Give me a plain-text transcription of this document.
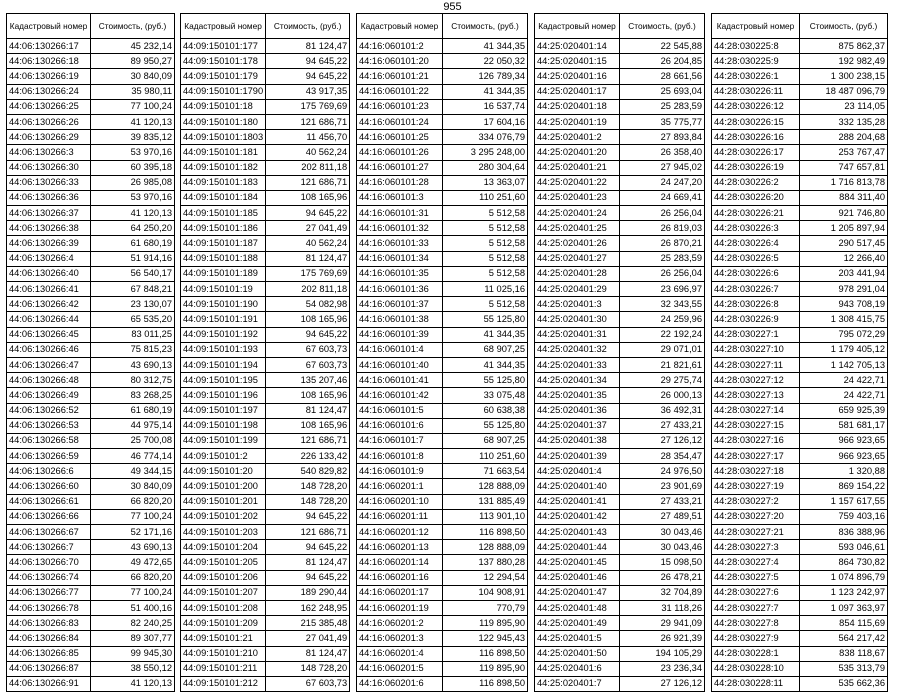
955
Кадастровый номер	Стоимость, (руб.)
44:06:130266:17	45 232,14
44:06:130266:18	89 950,27
44:06:130266:19	30 840,09
44:06:130266:24	35 980,11
44:06:130266:25	77 100,24
44:06:130266:26	41 120,13
44:06:130266:29	39 835,12
44:06:130266:3	53 970,16
44:06:130266:30	60 395,18
44:06:130266:33	26 985,08
44:06:130266:36	53 970,16
44:06:130266:37	41 120,13
44:06:130266:38	64 250,20
44:06:130266:39	61 680,19
44:06:130266:4	51 914,16
44:06:130266:40	56 540,17
44:06:130266:41	67 848,21
44:06:130266:42	23 130,07
44:06:130266:44	65 535,20
44:06:130266:45	83 011,25
44:06:130266:46	75 815,23
44:06:130266:47	43 690,13
44:06:130266:48	80 312,75
44:06:130266:49	83 268,25
44:06:130266:52	61 680,19
44:06:130266:53	44 975,14
44:06:130266:58	25 700,08
44:06:130266:59	46 774,14
44:06:130266:6	49 344,15
44:06:130266:60	30 840,09
44:06:130266:61	66 820,20
44:06:130266:66	77 100,24
44:06:130266:67	52 171,16
44:06:130266:7	43 690,13
44:06:130266:70	49 472,65
44:06:130266:74	66 820,20
44:06:130266:77	77 100,24
44:06:130266:78	51 400,16
44:06:130266:83	82 240,25
44:06:130266:84	89 307,77
44:06:130266:85	99 945,30
44:06:130266:87	38 550,12
44:06:130266:91	41 120,13
Кадастровый номер	Стоимость, (руб.)
44:09:150101:177	81 124,47
44:09:150101:178	94 645,22
44:09:150101:179	94 645,22
44:09:150101:1790	43 917,35
44:09:150101:18	175 769,69
44:09:150101:180	121 686,71
44:09:150101:1803	11 456,70
44:09:150101:181	40 562,24
44:09:150101:182	202 811,18
44:09:150101:183	121 686,71
44:09:150101:184	108 165,96
44:09:150101:185	94 645,22
44:09:150101:186	27 041,49
44:09:150101:187	40 562,24
44:09:150101:188	81 124,47
44:09:150101:189	175 769,69
44:09:150101:19	202 811,18
44:09:150101:190	54 082,98
44:09:150101:191	108 165,96
44:09:150101:192	94 645,22
44:09:150101:193	67 603,73
44:09:150101:194	67 603,73
44:09:150101:195	135 207,46
44:09:150101:196	108 165,96
44:09:150101:197	81 124,47
44:09:150101:198	108 165,96
44:09:150101:199	121 686,71
44:09:150101:2	226 133,42
44:09:150101:20	540 829,82
44:09:150101:200	148 728,20
44:09:150101:201	148 728,20
44:09:150101:202	94 645,22
44:09:150101:203	121 686,71
44:09:150101:204	94 645,22
44:09:150101:205	81 124,47
44:09:150101:206	94 645,22
44:09:150101:207	189 290,44
44:09:150101:208	162 248,95
44:09:150101:209	215 385,48
44:09:150101:21	27 041,49
44:09:150101:210	81 124,47
44:09:150101:211	148 728,20
44:09:150101:212	67 603,73
Кадастровый номер	Стоимость, (руб.)
44:16:060101:2	41 344,35
44:16:060101:20	22 050,32
44:16:060101:21	126 789,34
44:16:060101:22	41 344,35
44:16:060101:23	16 537,74
44:16:060101:24	17 604,16
44:16:060101:25	334 076,79
44:16:060101:26	3 295 248,00
44:16:060101:27	280 304,64
44:16:060101:28	13 363,07
44:16:060101:3	110 251,60
44:16:060101:31	5 512,58
44:16:060101:32	5 512,58
44:16:060101:33	5 512,58
44:16:060101:34	5 512,58
44:16:060101:35	5 512,58
44:16:060101:36	11 025,16
44:16:060101:37	5 512,58
44:16:060101:38	55 125,80
44:16:060101:39	41 344,35
44:16:060101:4	68 907,25
44:16:060101:40	41 344,35
44:16:060101:41	55 125,80
44:16:060101:42	33 075,48
44:16:060101:5	60 638,38
44:16:060101:6	55 125,80
44:16:060101:7	68 907,25
44:16:060101:8	110 251,60
44:16:060101:9	71 663,54
44:16:060201:1	128 888,09
44:16:060201:10	131 885,49
44:16:060201:11	113 901,10
44:16:060201:12	116 898,50
44:16:060201:13	128 888,09
44:16:060201:14	137 880,28
44:16:060201:16	12 294,54
44:16:060201:17	104 908,91
44:16:060201:19	770,79
44:16:060201:2	119 895,90
44:16:060201:3	122 945,43
44:16:060201:4	116 898,50
44:16:060201:5	119 895,90
44:16:060201:6	116 898,50
Кадастровый номер	Стоимость, (руб.)
44:25:020401:14	22 545,88
44:25:020401:15	26 204,85
44:25:020401:16	28 661,56
44:25:020401:17	25 693,04
44:25:020401:18	25 283,59
44:25:020401:19	35 775,77
44:25:020401:2	27 893,84
44:25:020401:20	26 358,40
44:25:020401:21	27 945,02
44:25:020401:22	24 247,20
44:25:020401:23	24 669,41
44:25:020401:24	26 256,04
44:25:020401:25	26 819,03
44:25:020401:26	26 870,21
44:25:020401:27	25 283,59
44:25:020401:28	26 256,04
44:25:020401:29	23 696,97
44:25:020401:3	32 343,55
44:25:020401:30	24 259,96
44:25:020401:31	22 192,24
44:25:020401:32	29 071,01
44:25:020401:33	21 821,61
44:25:020401:34	29 275,74
44:25:020401:35	26 000,13
44:25:020401:36	36 492,31
44:25:020401:37	27 433,21
44:25:020401:38	27 126,12
44:25:020401:39	28 354,47
44:25:020401:4	24 976,50
44:25:020401:40	23 901,69
44:25:020401:41	27 433,21
44:25:020401:42	27 489,51
44:25:020401:43	30 043,46
44:25:020401:44	30 043,46
44:25:020401:45	15 098,50
44:25:020401:46	26 478,21
44:25:020401:47	32 704,89
44:25:020401:48	31 118,26
44:25:020401:49	29 941,09
44:25:020401:5	26 921,39
44:25:020401:50	194 105,29
44:25:020401:6	23 236,34
44:25:020401:7	27 126,12
Кадастровый номер	Стоимость, (руб.)
44:28:030225:8	875 862,37
44:28:030225:9	192 982,49
44:28:030226:1	1 300 238,15
44:28:030226:11	18 487 096,79
44:28:030226:12	23 114,05
44:28:030226:15	332 135,28
44:28:030226:16	288 204,68
44:28:030226:17	253 767,47
44:28:030226:19	747 657,81
44:28:030226:2	1 716 813,78
44:28:030226:20	884 311,40
44:28:030226:21	921 746,80
44:28:030226:3	1 205 897,94
44:28:030226:4	290 517,45
44:28:030226:5	12 266,40
44:28:030226:6	203 441,94
44:28:030226:7	978 291,04
44:28:030226:8	943 708,19
44:28:030226:9	1 308 415,75
44:28:030227:1	795 072,29
44:28:030227:10	1 179 405,12
44:28:030227:11	1 142 705,13
44:28:030227:12	24 422,71
44:28:030227:13	24 422,71
44:28:030227:14	659 925,39
44:28:030227:15	581 681,17
44:28:030227:16	966 923,65
44:28:030227:17	966 923,65
44:28:030227:18	1 320,88
44:28:030227:19	869 154,22
44:28:030227:2	1 157 617,55
44:28:030227:20	759 403,16
44:28:030227:21	836 388,96
44:28:030227:3	593 046,61
44:28:030227:4	864 730,82
44:28:030227:5	1 074 896,79
44:28:030227:6	1 123 242,97
44:28:030227:7	1 097 363,97
44:28:030227:8	854 115,69
44:28:030227:9	564 217,42
44:28:030228:1	838 118,67
44:28:030228:10	535 313,79
44:28:030228:11	535 662,36
